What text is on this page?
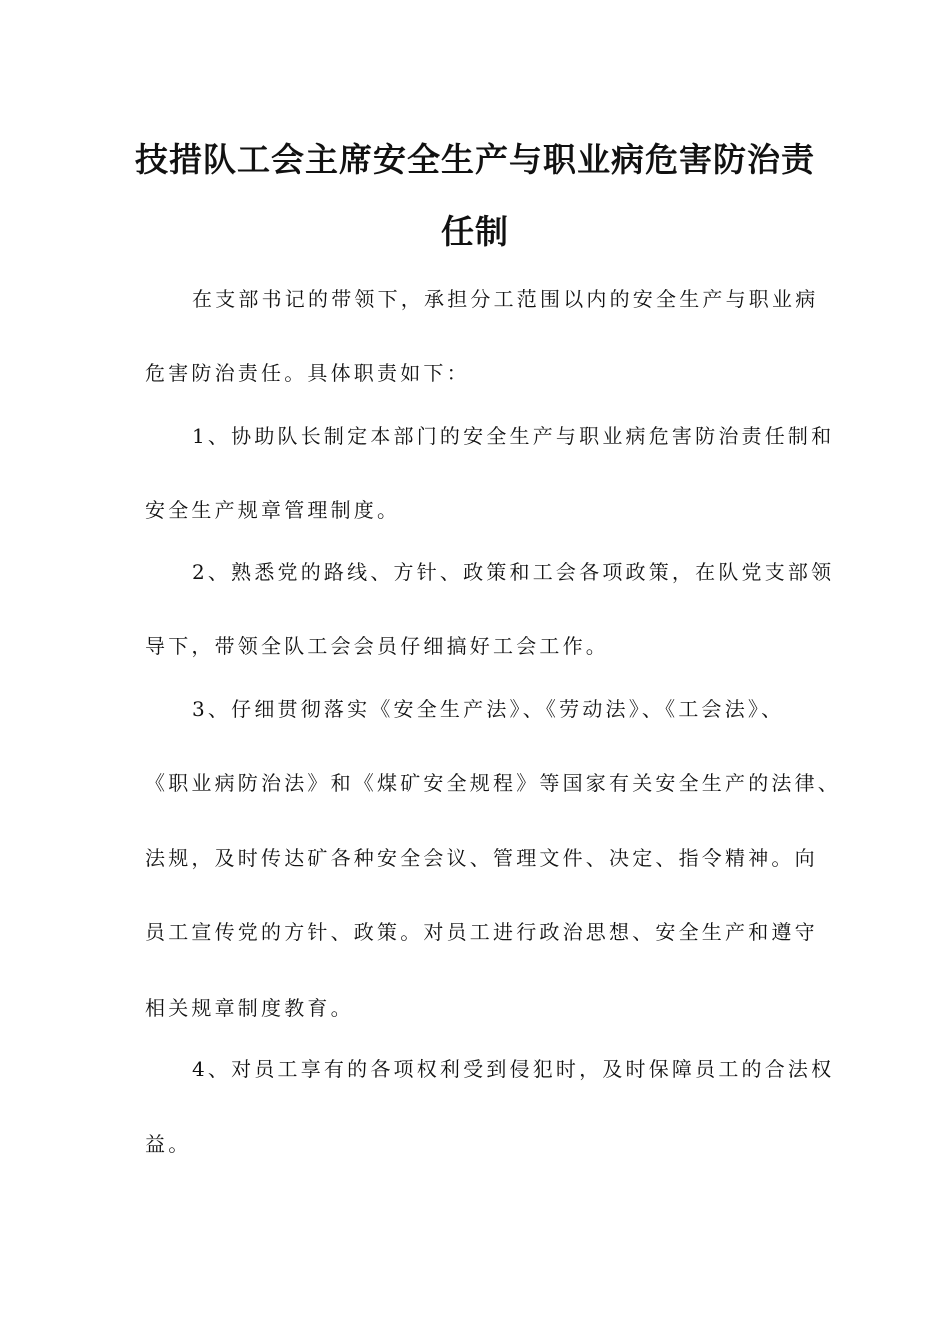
技措队工会主席安全生产与职业病危害防治责
任制

在支部书记的带领下，承担分工范围以内的安全生产与职业病

危害防治责任。具体职责如下：

1、协助队长制定本部门的安全生产与职业病危害防治责任制和

安全生产规章管理制度。

2、熟悉党的路线、方针、政策和工会各项政策，在队党支部领

导下，带领全队工会会员仔细搞好工会工作。

3、仔细贯彻落实《安全生产法》、《劳动法》、《工会法》、

《职业病防治法》和《煤矿安全规程》等国家有关安全生产的法律、

法规，及时传达矿各种安全会议、管理文件、决定、指令精神。向

员工宣传党的方针、政策。对员工进行政治思想、安全生产和遵守

相关规章制度教育。

4、对员工享有的各项权利受到侵犯时，及时保障员工的合法权

益。
